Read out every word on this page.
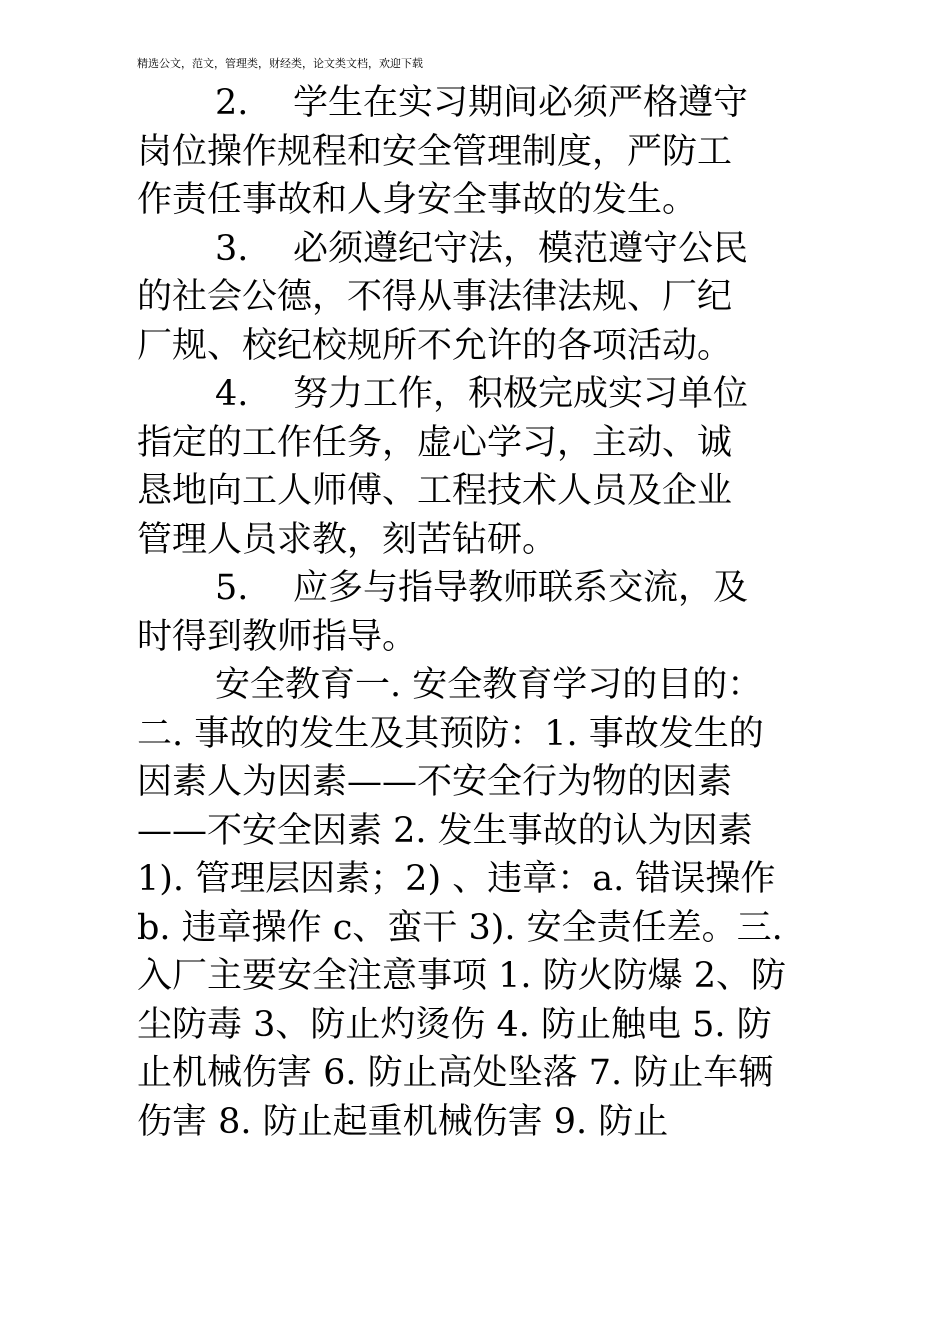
精选公文，范文，管理类，财经类，论文类文档，欢迎下载
2. 学生在实习期间必须严格遵守
岗位操作规程和安全管理制度，严防工
作责任事故和人身安全事故的发生。
3. 必须遵纪守法，模范遵守公民
的社会公德，不得从事法律法规、厂纪
厂规、校纪校规所不允许的各项活动。
4. 努力工作，积极完成实习单位
指定的工作任务，虚心学习，主动、诚
恳地向工人师傅、工程技术人员及企业
管理人员求教，刻苦钻研。
5. 应多与指导教师联系交流，及
时得到教师指导。
安全教育一. 安全教育学习的目的：
二. 事故的发生及其预防：1. 事故发生的
因素人为因素——不安全行为物的因素
——不安全因素 2. 发生事故的认为因素
1). 管理层因素；2) 、违章：a. 错误操作
b. 违章操作 c、蛮干 3). 安全责任差。三.
入厂主要安全注意事项 1. 防火防爆 2、防
尘防毒 3、防止灼烫伤 4. 防止触电 5. 防
止机械伤害 6. 防止高处坠落 7. 防止车辆
伤害 8. 防止起重机械伤害 9. 防止
